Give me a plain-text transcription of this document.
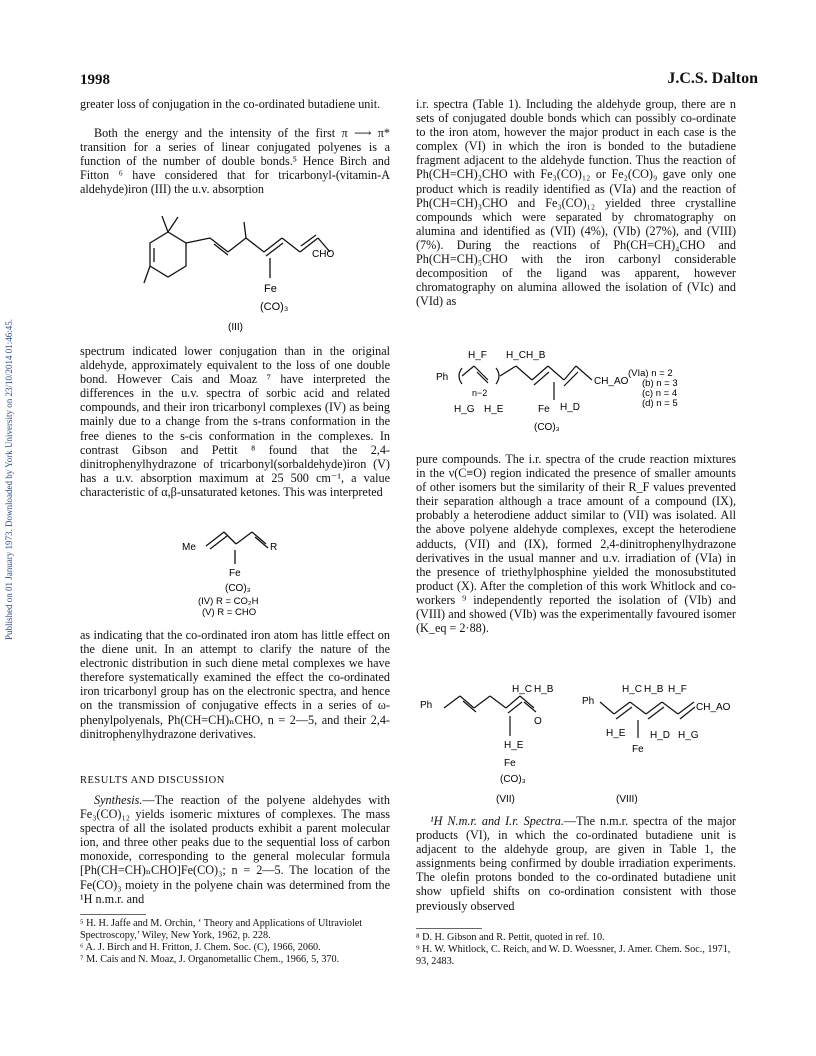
1998	J.C.S. Dalton
Published on 01 January 1973. Downloaded by York University on 23/10/2014 01:46:45.

greater loss of conjugation in the co-ordinated butadiene unit.

Both the energy and the intensity of the first π ⟶ π* transition for a series of linear conjugated polyenes is a function of the number of double bonds.⁵ Hence Birch and Fitton ⁶ have considered that for tricarbonyl-(vitamin-A aldehyde)iron (III) the u.v. absorption

CHO
Fe
(CO)₃
(III)

spectrum indicated lower conjugation than in the original aldehyde, approximately equivalent to the loss of one double bond. However Cais and Moaz ⁷ have interpreted the differences in the u.v. spectra of sorbic acid and related compounds, and their iron tricarbonyl complexes (IV) as being mainly due to a change from the s-trans conformation in the free dienes to the s-cis conformation in the complexes. In contrast Gibson and Pettit ⁸ found that the 2,4-dinitrophenylhydrazone of tricarbonyl(sorbaldehyde)iron (V) has a u.v. absorption maximum at 25 500 cm⁻¹, a value characteristic of α,β-unsaturated ketones. This was interpreted

Me	R
Fe
(CO)₃
(IV) R = CO₂H
(V) R = CHO

as indicating that the co-ordinated iron atom has little effect on the diene unit. In an attempt to clarify the nature of the electronic distribution in such diene metal complexes we have therefore systematically examined the effect the co-ordinated iron tricarbonyl group has on the electronic spectra, and hence on the transmission of conjugative effects in a series of ω-phenylpolyenals, Ph(CH=CH)ₙCHO, n = 2—5, and their 2,4-dinitrophenylhydrazone derivatives.

RESULTS AND DISCUSSION

Synthesis.—The reaction of the polyene aldehydes with Fe₃(CO)₁₂ yields isomeric mixtures of complexes. The mass spectra of all the isolated products exhibit a parent molecular ion, and three other peaks due to the sequential loss of carbon monoxide, corresponding to the general molecular formula [Ph(CH=CH)ₙCHO]Fe(CO)₃; n = 2—5. The location of the Fe(CO)₃ moiety in the polyene chain was determined from the ¹H n.m.r. and

⁵ H. H. Jaffe and M. Orchin, ‘ Theory and Applications of Ultraviolet Spectroscopy,’ Wiley, New York, 1962, p. 228.

⁶ A. J. Birch and H. Fritton, J. Chem. Soc. (C), 1966, 2060.

⁷ M. Cais and N. Moaz, J. Organometallic Chem., 1966, 5, 370.

i.r. spectra (Table 1). Including the aldehyde group, there are n sets of conjugated double bonds which can possibly co-ordinate to the iron atom, however the major product in each case is the complex (VI) in which the iron is bonded to the butadiene fragment adjacent to the aldehyde function. Thus the reaction of Ph(CH=CH)₂CHO with Fe₃(CO)₁₂ or Fe₂(CO)₉ gave only one product which is readily identified as (VIa) and the reaction of Ph(CH=CH)₃CHO and Fe₃(CO)₁₂ yielded three crystalline compounds which were separated by chromatography on alumina and identified as (VII) (4%), (VIb) (27%), and (VIII) (7%). During the reactions of Ph(CH=CH)₄CHO and Ph(CH=CH)₅CHO with the iron carbonyl considerable decomposition of the ligand was apparent, however chromatography on alumina allowed the isolation of (VIc) and (VId) as

H_F H_C H_B
Ph	CH_AO
n−2
H_G H_E	Fe H_D
(CO)₃
(VIa) n = 2
(b) n = 3
(c) n = 4
(d) n = 5

pure compounds. The i.r. spectra of the crude reaction mixtures in the ν(C≡O) region indicated the presence of smaller amounts of other isomers but the similarity of their R_F values prevented their separation although a trace amount of a compound (IX), probably a heterodiene adduct similar to (VII) was isolated. All the above polyene aldehyde complexes, except the heterodiene adducts, (VII) and (IX), formed 2,4-dinitrophenylhydrazone derivatives in the usual manner and u.v. irradiation of (VIa) in the presence of triethylphosphine yielded the monosubstituted product (X). After the completion of this work Whitlock and co-workers ⁹ independently reported the isolation of (VIb) and (VIII) and showed (VIb) was the experimentally favoured isomer (K_eq = 2·88).

Ph
H_C H_B
O
H_E
Fe
(CO)₃
(VII)
Ph
H_C H_B H_F
CH_AO
H_E H_D H_G
Fe
(VIII)

¹H N.m.r. and I.r. Spectra.—The n.m.r. spectra of the major products (VI), in which the co-ordinated butadiene unit is adjacent to the aldehyde group, are given in Table 1, the assignments being confirmed by double irradiation experiments. The olefin protons bonded to the co-ordinated butadiene unit show upfield shifts on co-ordination consistent with those previously observed

⁸ D. H. Gibson and R. Pettit, quoted in ref. 10.

⁹ H. W. Whitlock, C. Reich, and W. D. Woessner, J. Amer. Chem. Soc., 1971, 93, 2483.
